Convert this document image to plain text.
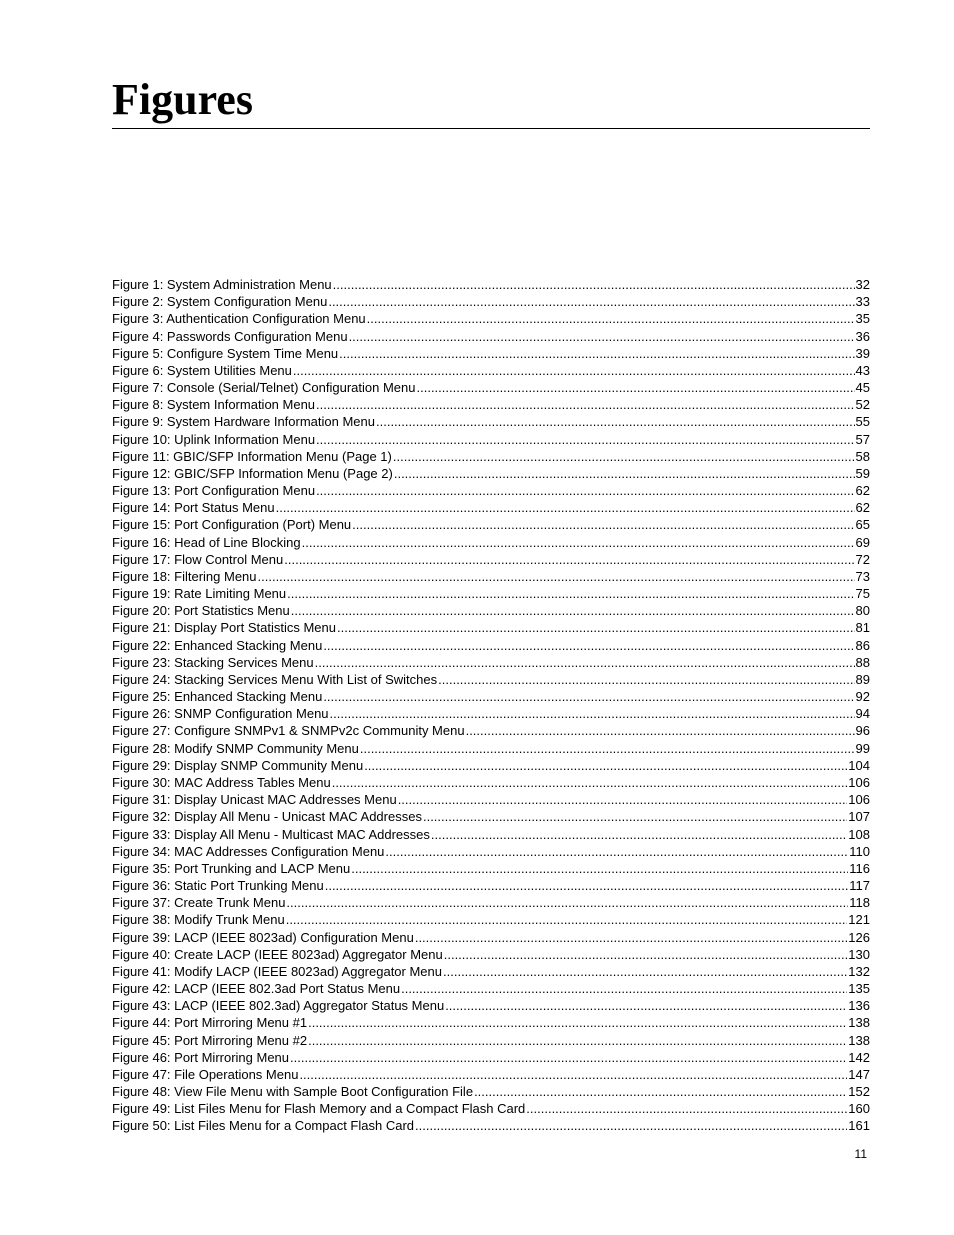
Figures
Figure 1: System Administration Menu .....	32
Figure 2: System Configuration Menu .....	33
Figure 3: Authentication Configuration Menu .....	35
Figure 4: Passwords Configuration Menu .....	36
Figure 5: Configure System Time Menu .....	39
Figure 6: System Utilities Menu .....	43
Figure 7: Console (Serial/Telnet) Configuration Menu .....	45
Figure 8: System Information Menu .....	52
Figure 9: System Hardware Information Menu .....	55
Figure 10: Uplink Information Menu .....	57
Figure 11: GBIC/SFP Information Menu (Page 1) .....	58
Figure 12: GBIC/SFP Information Menu (Page 2) .....	59
Figure 13: Port Configuration Menu .....	62
Figure 14: Port Status Menu .....	62
Figure 15: Port Configuration (Port) Menu .....	65
Figure 16: Head of Line Blocking .....	69
Figure 17: Flow Control Menu .....	72
Figure 18: Filtering Menu .....	73
Figure 19: Rate Limiting Menu .....	75
Figure 20: Port Statistics Menu .....	80
Figure 21: Display Port Statistics Menu .....	81
Figure 22: Enhanced Stacking Menu .....	86
Figure 23: Stacking Services Menu .....	88
Figure 24: Stacking Services Menu With List of Switches .....	89
Figure 25: Enhanced Stacking Menu .....	92
Figure 26: SNMP Configuration Menu .....	94
Figure 27: Configure SNMPv1 & SNMPv2c Community Menu .....	96
Figure 28: Modify SNMP Community Menu .....	99
Figure 29: Display SNMP Community Menu .....	104
Figure 30: MAC Address Tables Menu .....	106
Figure 31: Display Unicast MAC Addresses Menu .....	106
Figure 32: Display All Menu - Unicast MAC Addresses .....	107
Figure 33: Display All Menu - Multicast MAC Addresses .....	108
Figure 34: MAC Addresses Configuration Menu .....	110
Figure 35: Port Trunking and LACP Menu .....	116
Figure 36: Static Port Trunking Menu .....	117
Figure 37: Create Trunk Menu .....	118
Figure 38: Modify Trunk Menu .....	121
Figure 39: LACP (IEEE 8023ad) Configuration Menu .....	126
Figure 40: Create LACP (IEEE 8023ad) Aggregator Menu .....	130
Figure 41: Modify LACP (IEEE 8023ad) Aggregator Menu .....	132
Figure 42: LACP (IEEE 802.3ad Port Status Menu .....	135
Figure 43: LACP (IEEE 802.3ad) Aggregator Status Menu .....	136
Figure 44: Port Mirroring Menu #1 .....	138
Figure 45: Port Mirroring Menu #2 .....	138
Figure 46: Port Mirroring Menu .....	142
Figure 47: File Operations Menu .....	147
Figure 48: View File Menu with Sample Boot Configuration File .....	152
Figure 49: List Files Menu for Flash Memory and a Compact Flash Card .....	160
Figure 50: List Files Menu for a Compact Flash Card .....	161
11
